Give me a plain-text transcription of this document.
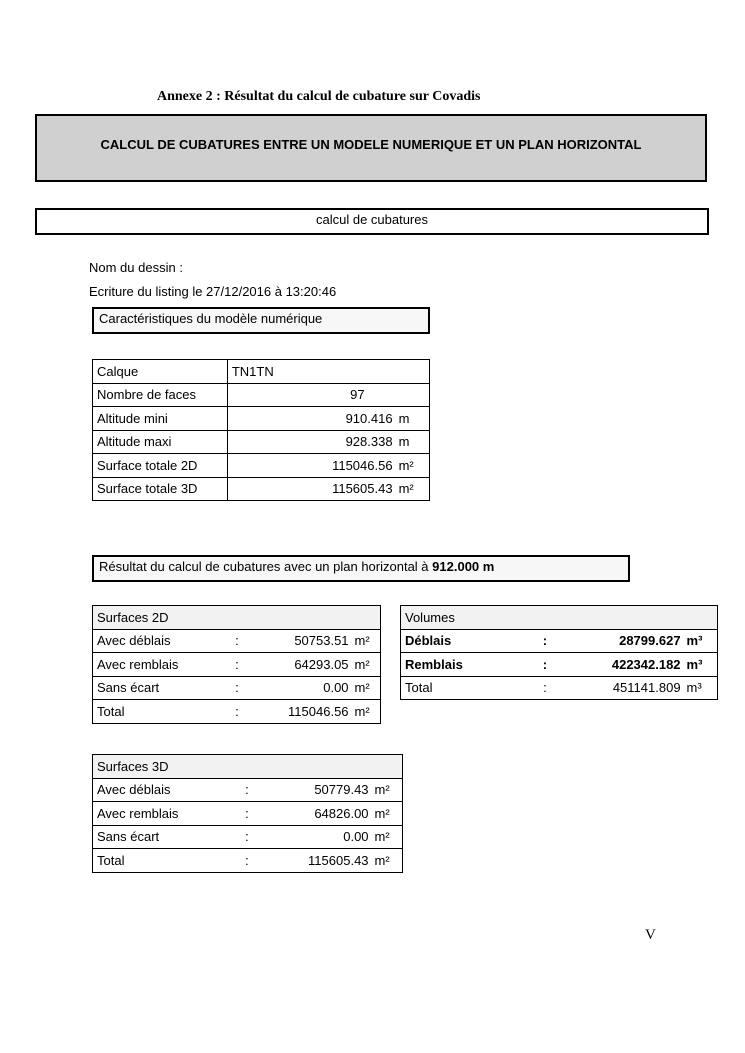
Annexe 2 : Résultat du calcul de cubature sur Covadis
CALCUL DE CUBATURES ENTRE UN MODELE NUMERIQUE ET UN PLAN HORIZONTAL
calcul de cubatures
Nom du dessin :
Ecriture du listing le 27/12/2016 à 13:20:46
Caractéristiques du modèle numérique
Calque	TN1TN	
Nombre de faces	97	
Altitude mini	910.416	m
Altitude maxi	928.338	m
Surface totale 2D	115046.56	m²
Surface totale 3D	115605.43	m²
Résultat du calcul de cubatures avec un plan horizontal à 912.000 m
Surfaces 2D			
Avec déblais	:	50753.51	m²
Avec remblais	:	64293.05	m²
Sans écart	:	0.00	m²
Total	:	115046.56	m²
Volumes			
Déblais	:	28799.627	m³
Remblais	:	422342.182	m³
Total	:	451141.809	m³
Surfaces 3D			
Avec déblais	:	50779.43	m²
Avec remblais	:	64826.00	m²
Sans écart	:	0.00	m²
Total	:	115605.43	m²
V
